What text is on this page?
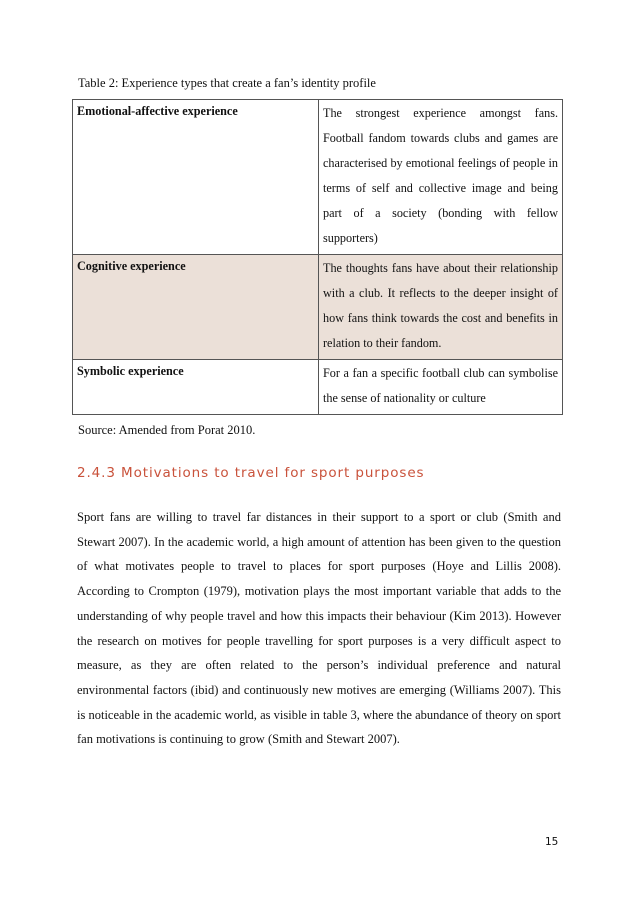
Table 2: Experience types that create a fan’s identity profile
Emotional-affective experience	The strongest experience amongst fans. Football fandom towards clubs and games are characterised by emotional feelings of people in terms of self and collective image and being part of a society (bonding with fellow supporters)
Cognitive experience	The thoughts fans have about their relationship with a club. It reflects to the deeper insight of how fans think towards the cost and benefits in relation to their fandom.
Symbolic experience	For a fan a specific football club can symbolise the sense of nationality or culture
Source: Amended from Porat 2010.
2.4.3 Motivations to travel for sport purposes

Sport fans are willing to travel far distances in their support to a sport or club (Smith and Stewart 2007). In the academic world, a high amount of attention has been given to the question of what motivates people to travel to places for sport purposes (Hoye and Lillis 2008). According to Crompton (1979), motivation plays the most important variable that adds to the understanding of why people travel and how this impacts their behaviour (Kim 2013). However the research on motives for people travelling for sport purposes is a very difficult aspect to measure, as they are often related to the person’s individual preference and natural environmental factors (ibid) and continuously new motives are emerging (Williams 2007). This is noticeable in the academic world, as visible in table 3, where the abundance of theory on sport fan motivations is continuing to grow (Smith and Stewart 2007).

15
